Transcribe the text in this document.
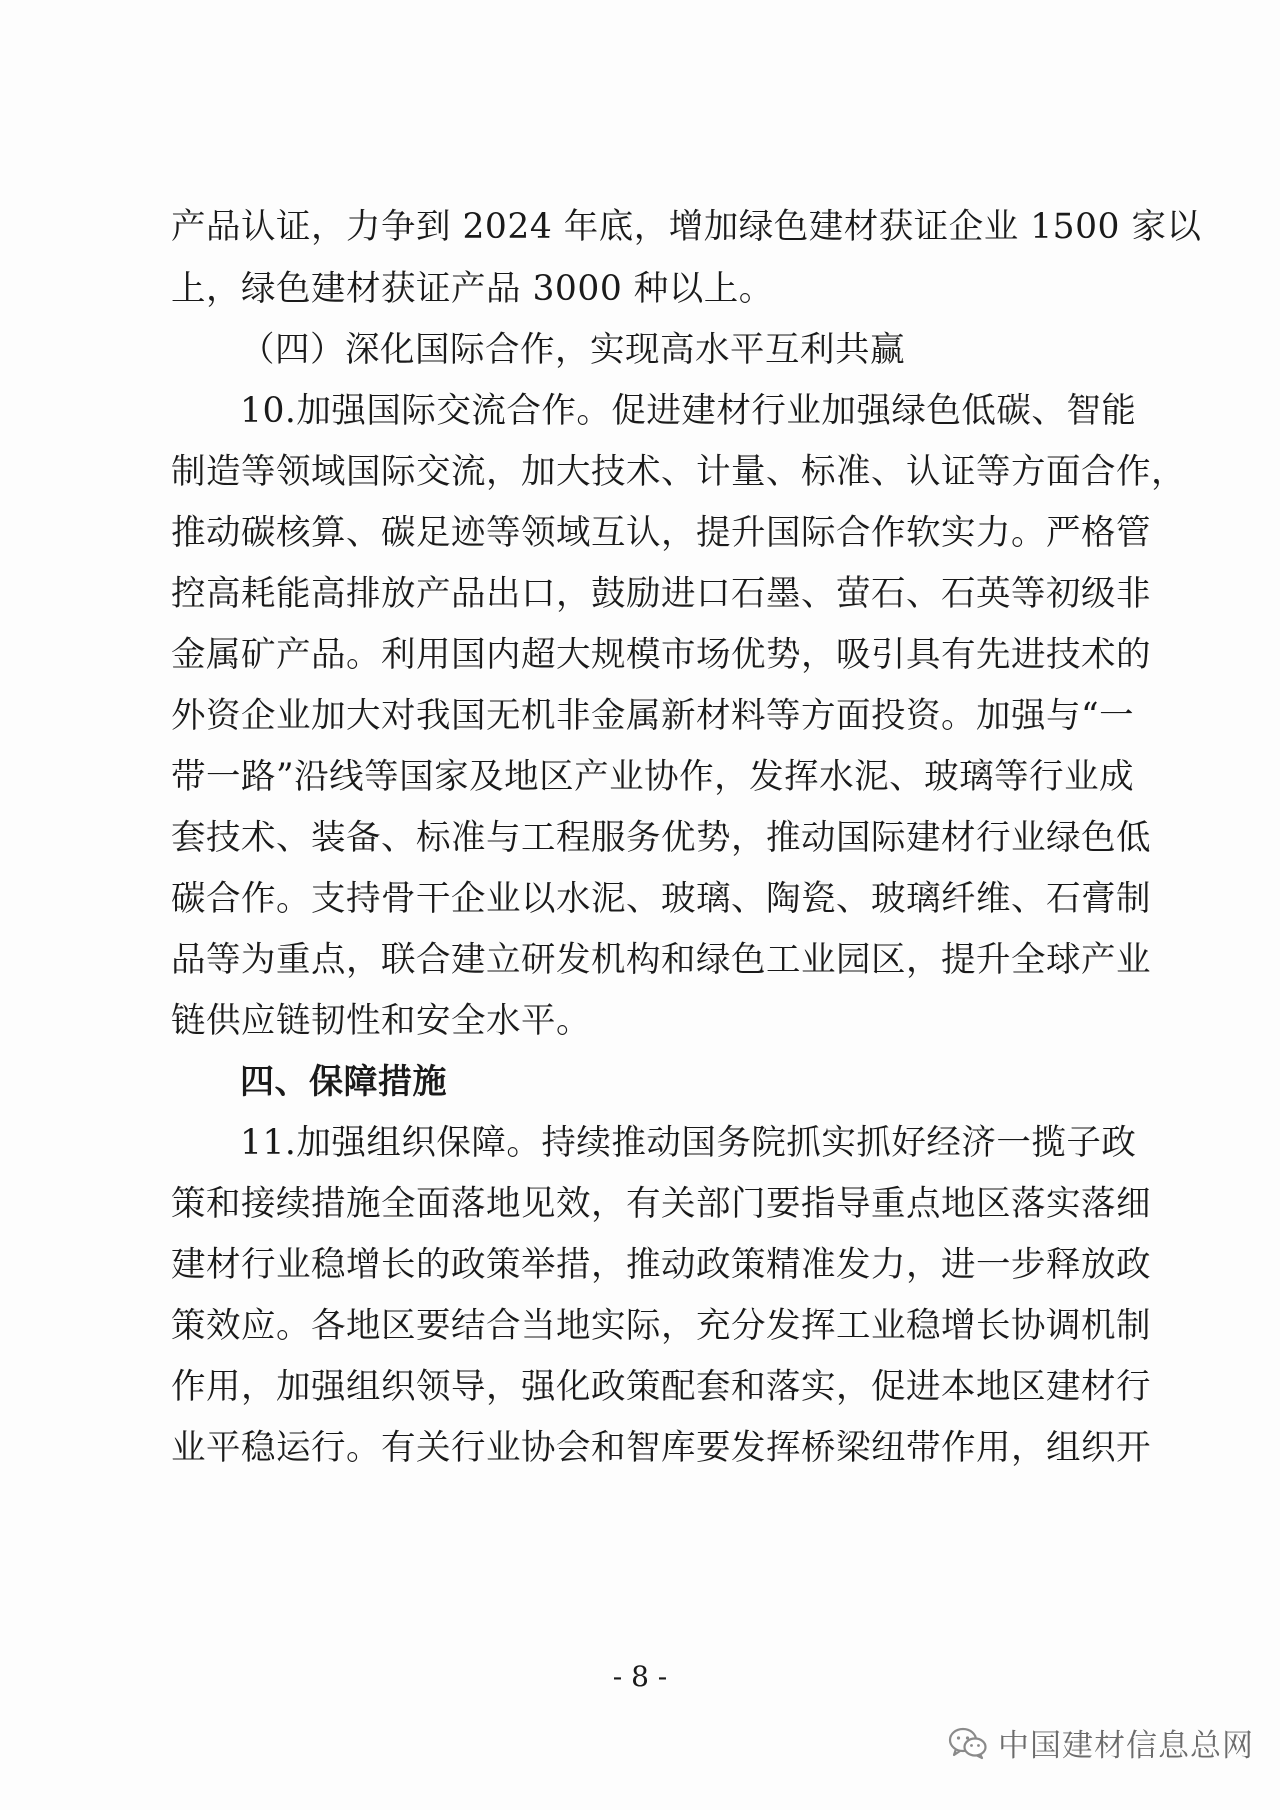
产品认证，力争到 2024 年底，增加绿色建材获证企业 1500 家以
上，绿色建材获证产品 3000 种以上。
（四）深化国际合作，实现高水平互利共赢
10.加强国际交流合作。促进建材行业加强绿色低碳、智能
制造等领域国际交流，加大技术、计量、标准、认证等方面合作，
推动碳核算、碳足迹等领域互认，提升国际合作软实力。严格管
控高耗能高排放产品出口，鼓励进口石墨、萤石、石英等初级非
金属矿产品。利用国内超大规模市场优势，吸引具有先进技术的
外资企业加大对我国无机非金属新材料等方面投资。加强与“一
带一路”沿线等国家及地区产业协作，发挥水泥、玻璃等行业成
套技术、装备、标准与工程服务优势，推动国际建材行业绿色低
碳合作。支持骨干企业以水泥、玻璃、陶瓷、玻璃纤维、石膏制
品等为重点，联合建立研发机构和绿色工业园区，提升全球产业
链供应链韧性和安全水平。
四、保障措施
11.加强组织保障。持续推动国务院抓实抓好经济一揽子政
策和接续措施全面落地见效，有关部门要指导重点地区落实落细
建材行业稳增长的政策举措，推动政策精准发力，进一步释放政
策效应。各地区要结合当地实际，充分发挥工业稳增长协调机制
作用，加强组织领导，强化政策配套和落实，促进本地区建材行
业平稳运行。有关行业协会和智库要发挥桥梁纽带作用，组织开
- 8 -
中国建材信息总网
